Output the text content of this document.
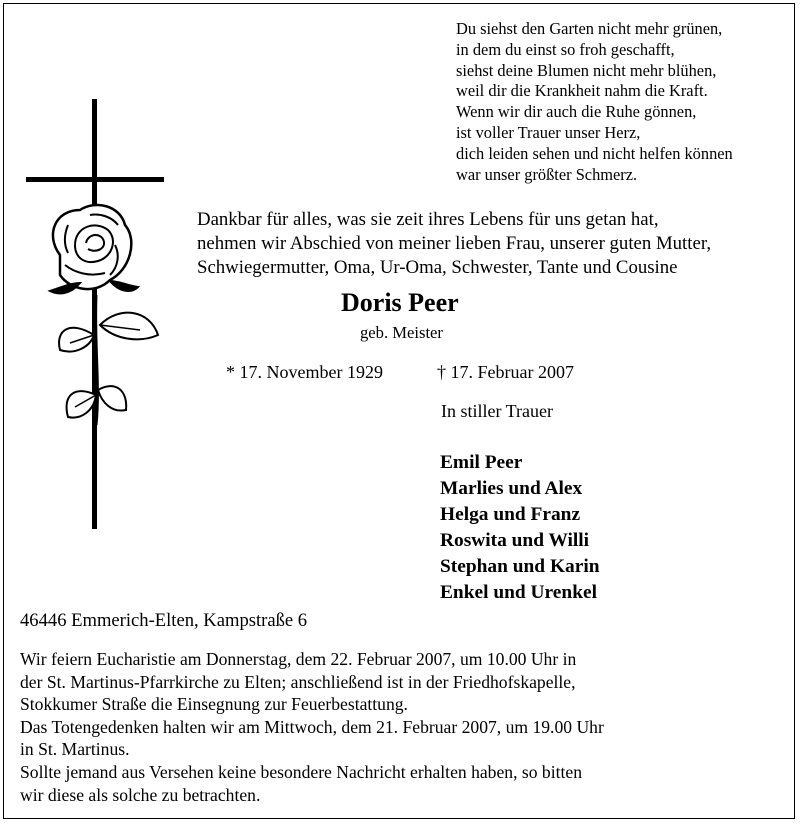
Du siehst den Garten nicht mehr grünen,
in dem du einst so froh geschafft,
siehst deine Blumen nicht mehr blühen,
weil dir die Krankheit nahm die Kraft.
Wenn wir dir auch die Ruhe gönnen,
ist voller Trauer unser Herz,
dich leiden sehen und nicht helfen können
war unser größter Schmerz.
Dankbar für alles, was sie zeit ihres Lebens für uns getan hat,
nehmen wir Abschied von meiner lieben Frau, unserer guten Mutter,
Schwiegermutter, Oma, Ur-Oma, Schwester, Tante und Cousine
Doris Peer
geb. Meister
* 17. November 1929	† 17. Februar 2007
In stiller Trauer
Emil Peer
Marlies und Alex
Helga und Franz
Roswita und Willi
Stephan und Karin
Enkel und Urenkel
46446 Emmerich-Elten, Kampstraße 6
Wir feiern Eucharistie am Donnerstag, dem 22. Februar 2007, um 10.00 Uhr in
der St. Martinus-Pfarrkirche zu Elten; anschließend ist in der Friedhofskapelle,
Stokkumer Straße die Einsegnung zur Feuerbestattung.
Das Totengedenken halten wir am Mittwoch, dem 21. Februar 2007, um 19.00 Uhr
in St. Martinus.
Sollte jemand aus Versehen keine besondere Nachricht erhalten haben, so bitten
wir diese als solche zu betrachten.
